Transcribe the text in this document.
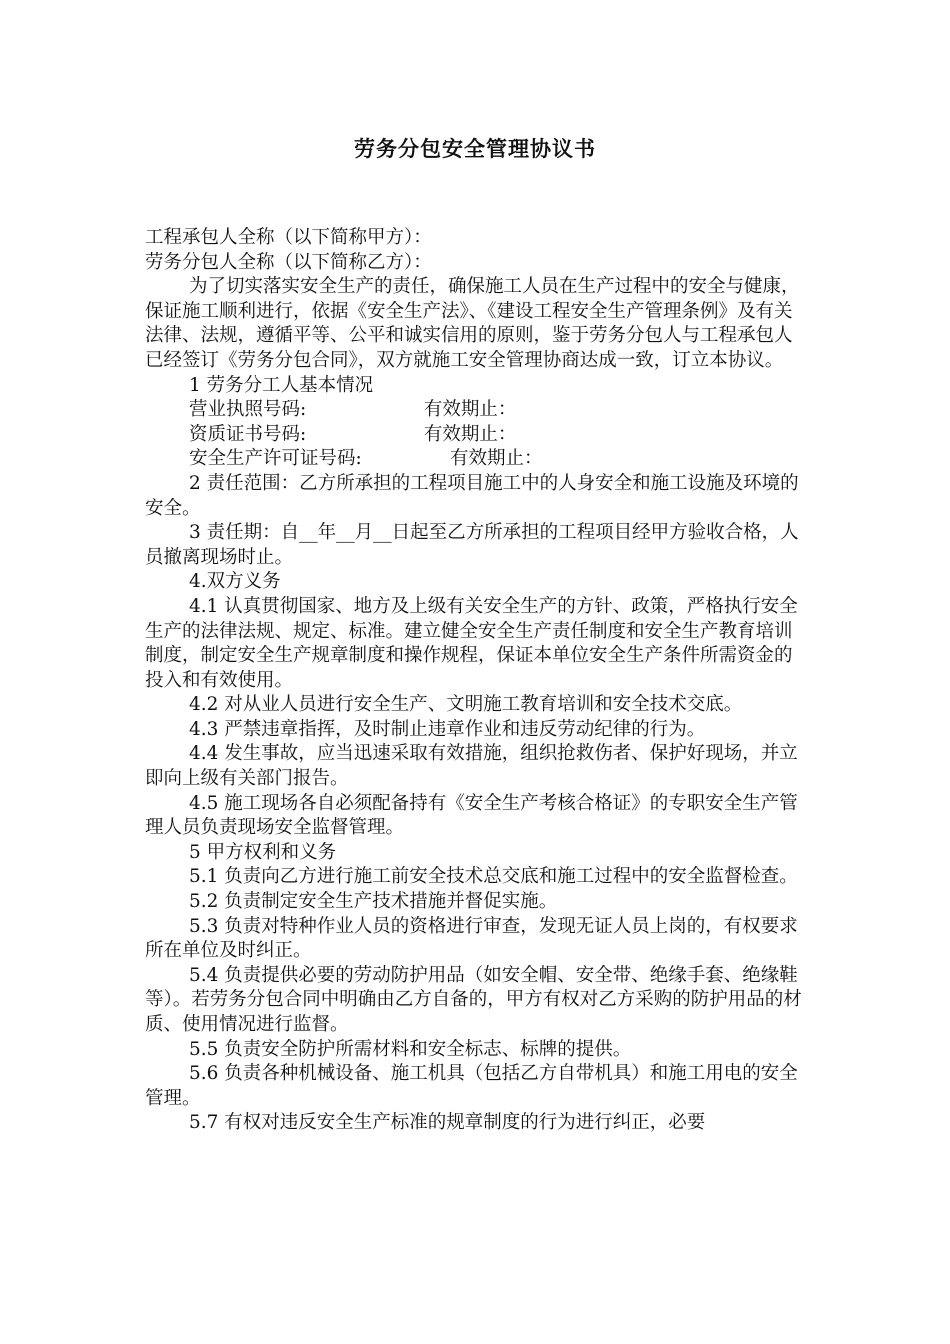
劳务分包安全管理协议书

工程承包人全称（以下简称甲方）：

劳务分包人全称（以下简称乙方）：

为了切实落实安全生产的责任，确保施工人员在生产过程中的安全与健康，保证施工顺利进行，依据《安全生产法》、《建设工程安全生产管理条例》及有关法律、法规，遵循平等、公平和诚实信用的原则，鉴于劳务分包人与工程承包人已经签订《劳务分包合同》，双方就施工安全管理协商达成一致，订立本协议。

1 劳务分工人基本情况

营业执照号码:                    有效期止：

资质证书号码:                    有效期止：

安全生产许可证号码:               有效期止：

2 责任范围：乙方所承担的工程项目施工中的人身安全和施工设施及环境的安全。

3 责任期：自__年__月__日起至乙方所承担的工程项目经甲方验收合格，人员撤离现场时止。

4.双方义务

4.1 认真贯彻国家、地方及上级有关安全生产的方针、政策，严格执行安全生产的法律法规、规定、标准。建立健全安全生产责任制度和安全生产教育培训制度，制定安全生产规章制度和操作规程，保证本单位安全生产条件所需资金的投入和有效使用。

4.2 对从业人员进行安全生产、文明施工教育培训和安全技术交底。

4.3 严禁违章指挥，及时制止违章作业和违反劳动纪律的行为。

4.4 发生事故，应当迅速采取有效措施，组织抢救伤者、保护好现场，并立即向上级有关部门报告。

4.5 施工现场各自必须配备持有《安全生产考核合格证》的专职安全生产管理人员负责现场安全监督管理。

5 甲方权利和义务

5.1 负责向乙方进行施工前安全技术总交底和施工过程中的安全监督检查。

5.2 负责制定安全生产技术措施并督促实施。

5.3 负责对特种作业人员的资格进行审查，发现无证人员上岗的，有权要求所在单位及时纠正。

5.4 负责提供必要的劳动防护用品（如安全帽、安全带、绝缘手套、绝缘鞋等）。若劳务分包合同中明确由乙方自备的，甲方有权对乙方采购的防护用品的材质、使用情况进行监督。

5.5 负责安全防护所需材料和安全标志、标牌的提供。

5.6 负责各种机械设备、施工机具（包括乙方自带机具）和施工用电的安全管理。

5.7 有权对违反安全生产标准的规章制度的行为进行纠正，必要
